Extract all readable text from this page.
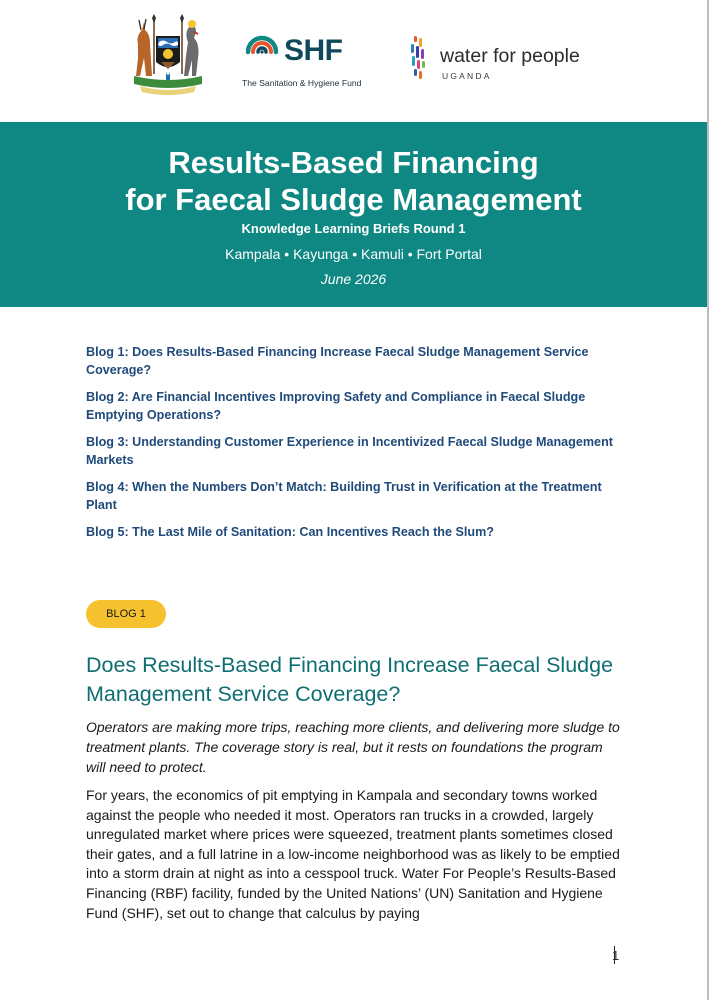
SHF
The Sanitation & Hygiene Fund
water for people
UGANDA
Results-Based Financing
for Faecal Sludge Management
Knowledge Learning Briefs Round 1
Kampala • Kayunga • Kamuli • Fort Portal
June 2026
Blog 1: Does Results-Based Financing Increase Faecal Sludge Management Service Coverage?
Blog 2: Are Financial Incentives Improving Safety and Compliance in Faecal Sludge Emptying Operations?
Blog 3: Understanding Customer Experience in Incentivized Faecal Sludge Management Markets
Blog 4: When the Numbers Don’t Match: Building Trust in Verification at the Treatment Plant
Blog 5: The Last Mile of Sanitation: Can Incentives Reach the Slum?
BLOG 1
Does Results-Based Financing Increase Faecal Sludge Management Service Coverage?
Operators are making more trips, reaching more clients, and delivering more sludge to treatment plants. The coverage story is real, but it rests on foundations the program will need to protect.
For years, the economics of pit emptying in Kampala and secondary towns worked against the people who needed it most. Operators ran trucks in a crowded, largely unregulated market where prices were squeezed, treatment plants sometimes closed their gates, and a full latrine in a low-income neighborhood was as likely to be emptied into a storm drain at night as into a cesspool truck. Water For People’s Results-Based Financing (RBF) facility, funded by the United Nations’ (UN) Sanitation and Hygiene Fund (SHF), set out to change that calculus by paying
1
